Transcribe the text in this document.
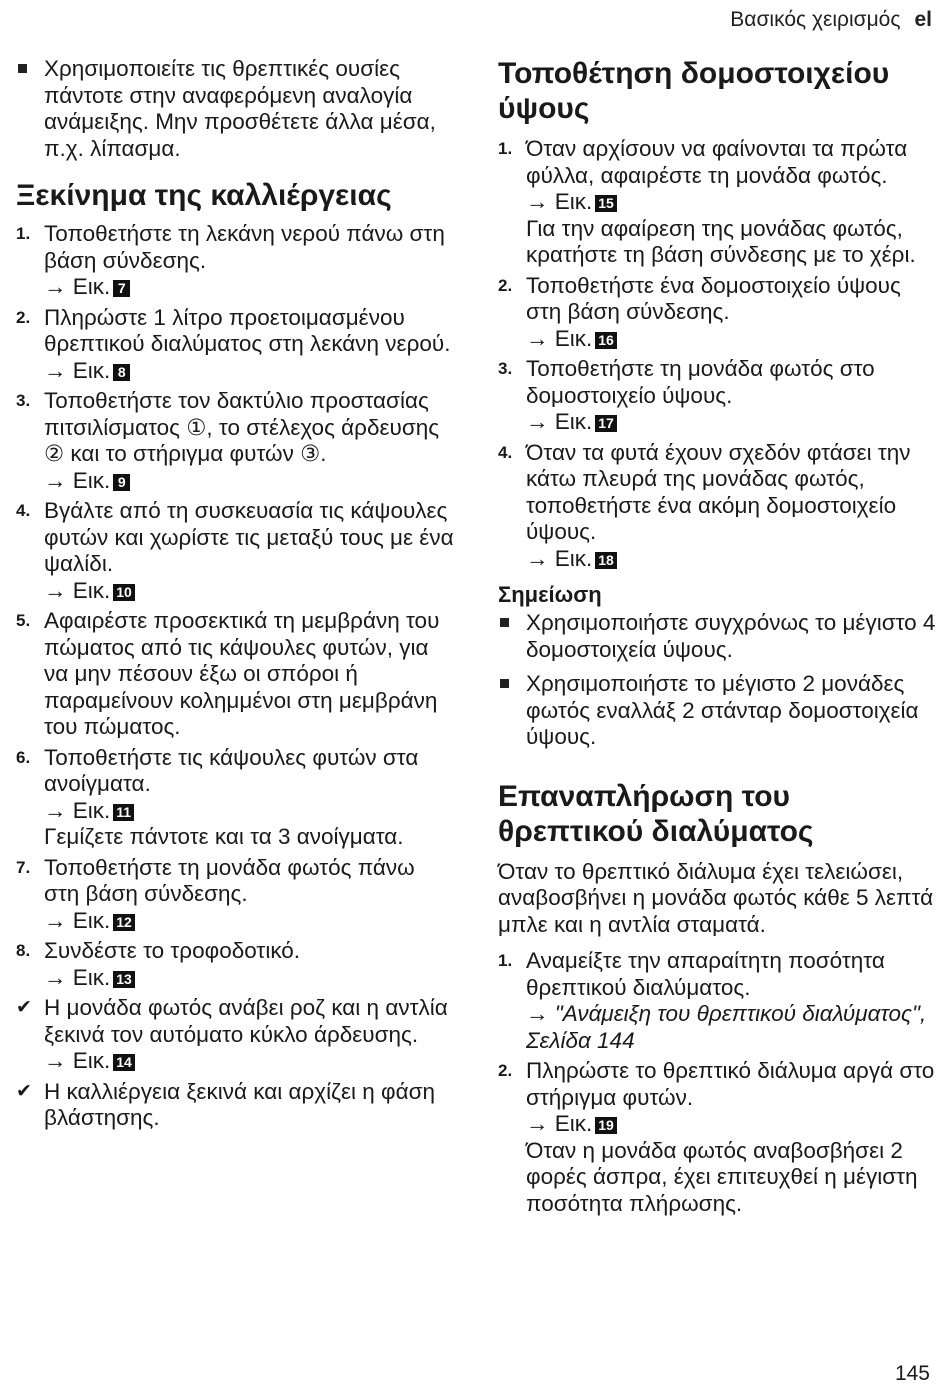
Βασικός χειρισμός el
Χρησιμοποιείτε τις θρεπτικές ουσίες πάντοτε στην αναφερόμενη αναλογία ανάμειξης. Μην προσθέτετε άλλα μέσα, π.χ. λίπασμα.
Ξεκίνημα της καλλιέργειας
1. Τοποθετήστε τη λεκάνη νερού πάνω στη βάση σύνδεσης.
→ Εικ. 7
2. Πληρώστε 1 λίτρο προετοιμασμένου θρεπτικού διαλύματος στη λεκάνη νερού.
→ Εικ. 8
3. Τοποθετήστε τον δακτύλιο προστασίας πιτσιλίσματος ①, το στέλεχος άρδευσης ② και το στήριγμα φυτών ③.
→ Εικ. 9
4. Βγάλτε από τη συσκευασία τις κάψουλες φυτών και χωρίστε τις μεταξύ τους με ένα ψαλίδι.
→ Εικ. 10
5. Αφαιρέστε προσεκτικά τη μεμβράνη του πώματος από τις κάψουλες φυτών, για να μην πέσουν έξω οι σπόροι ή παραμείνουν κολημμένοι στη μεμβράνη του πώματος.
6. Τοποθετήστε τις κάψουλες φυτών στα ανοίγματα.
→ Εικ. 11
Γεμίζετε πάντοτε και τα 3 ανοίγματα.
7. Τοποθετήστε τη μονάδα φωτός πάνω στη βάση σύνδεσης.
→ Εικ. 12
8. Συνδέστε το τροφοδοτικό.
→ Εικ. 13
✔ Η μονάδα φωτός ανάβει ροζ και η αντλία ξεκινά τον αυτόματο κύκλο άρδευσης.
→ Εικ. 14
✔ Η καλλιέργεια ξεκινά και αρχίζει η φάση βλάστησης.
Τοποθέτηση δομοστοιχείου ύψους
1. Όταν αρχίσουν να φαίνονται τα πρώτα φύλλα, αφαιρέστε τη μονάδα φωτός.
→ Εικ. 15
Για την αφαίρεση της μονάδας φωτός, κρατήστε τη βάση σύνδεσης με το χέρι.
2. Τοποθετήστε ένα δομοστοιχείο ύψους στη βάση σύνδεσης.
→ Εικ. 16
3. Τοποθετήστε τη μονάδα φωτός στο δομοστοιχείο ύψους.
→ Εικ. 17
4. Όταν τα φυτά έχουν σχεδόν φτάσει την κάτω πλευρά της μονάδας φωτός, τοποθετήστε ένα ακόμη δομοστοιχείο ύψους.
→ Εικ. 18
Σημείωση
Χρησιμοποιήστε συγχρόνως το μέγιστο 4 δομοστοιχεία ύψους.
Χρησιμοποιήστε το μέγιστο 2 μονάδες φωτός εναλλάξ 2 στάνταρ δομοστοιχεία ύψους.
Επαναπλήρωση του θρεπτικού διαλύματος

Όταν το θρεπτικό διάλυμα έχει τελειώσει, αναβοσβήνει η μονάδα φωτός κάθε 5 λεπτά μπλε και η αντλία σταματά.

1. Αναμείξτε την απαραίτητη ποσότητα θρεπτικού διαλύματος.
→ "Ανάμειξη του θρεπτικού διαλύματος", Σελίδα 144
2. Πληρώστε το θρεπτικό διάλυμα αργά στο στήριγμα φυτών.
→ Εικ. 19
Όταν η μονάδα φωτός αναβοσβήσει 2 φορές άσπρα, έχει επιτευχθεί η μέγιστη ποσότητα πλήρωσης.
145
